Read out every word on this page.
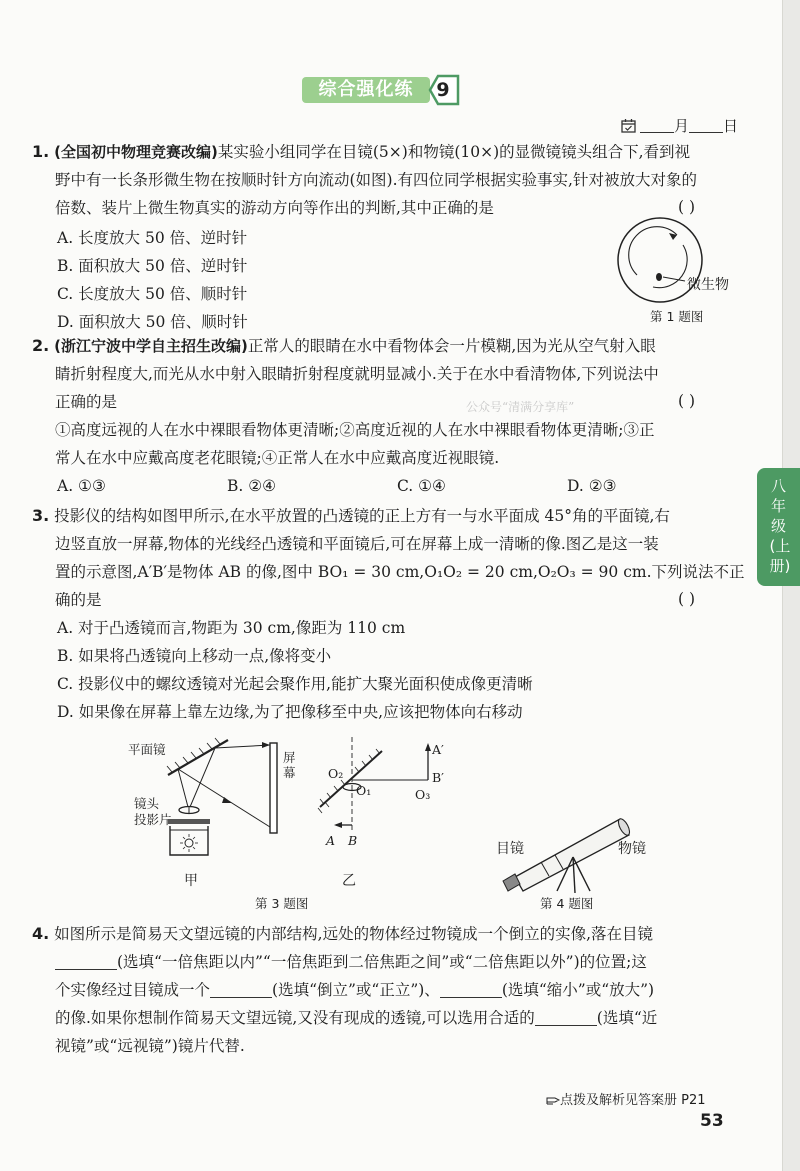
综合强化练	9
月 日
八年级(上册)
公众号“清满分享库”
1. (全国初中物理竞赛改编)某实验小组同学在目镜(5×)和物镜(10×)的显微镜镜头组合下,看到视
野中有一长条形微生物在按顺时针方向流动(如图).有四位同学根据实验事实,针对被放大对象的
倍数、装片上微生物真实的游动方向等作出的判断,其中正确的是	( )
A. 长度放大 50 倍、逆时针
B. 面积放大 50 倍、逆时针
C. 长度放大 50 倍、顺时针
D. 面积放大 50 倍、顺时针
微生物
第 1 题图
2. (浙江宁波中学自主招生改编)正常人的眼睛在水中看物体会一片模糊,因为光从空气射入眼
睛折射程度大,而光从水中射入眼睛折射程度就明显减小.关于在水中看清物体,下列说法中
正确的是	( )
①高度远视的人在水中裸眼看物体更清晰;②高度近视的人在水中裸眼看物体更清晰;③正
常人在水中应戴高度老花眼镜;④正常人在水中应戴高度近视眼镜.
A. ①③	B. ②④	C. ①④	D. ②③
3. 投影仪的结构如图甲所示,在水平放置的凸透镜的正上方有一与水平面成 45°角的平面镜,右
边竖直放一屏幕,物体的光线经凸透镜和平面镜后,可在屏幕上成一清晰的像.图乙是这一装
置的示意图,A′B′是物体 AB 的像,图中 BO₁ = 30 cm,O₁O₂ = 20 cm,O₂O₃ = 90 cm.下列说法不正
确的是	( )
A. 对于凸透镜而言,物距为 30 cm,像距为 110 cm
B. 如果将凸透镜向上移动一点,像将变小
C. 投影仪中的螺纹透镜对光起会聚作用,能扩大聚光面积使成像更清晰
D. 如果像在屏幕上靠左边缘,为了把像移至中央,应该把物体向右移动
平面镜
屏幕
镜头
投影片
甲
A′
B′
O₂
O₁	O₃
A B
乙
第 3 题图
目镜	物镜
第 4 题图
4. 如图所示是简易天文望远镜的内部结构,远处的物体经过物镜成一个倒立的实像,落在目镜
(选填“一倍焦距以内”“一倍焦距到二倍焦距之间”或“二倍焦距以外”)的位置;这
个实像经过目镜成一个	(选填“倒立”或“正立”)、	(选填“缩小”或“放大”)
的像.如果你想制作简易天文望远镜,又没有现成的透镜,可以选用合适的	(选填“近
视镜”或“远视镜”)镜片代替.
点拨及解析见答案册 P21
53
